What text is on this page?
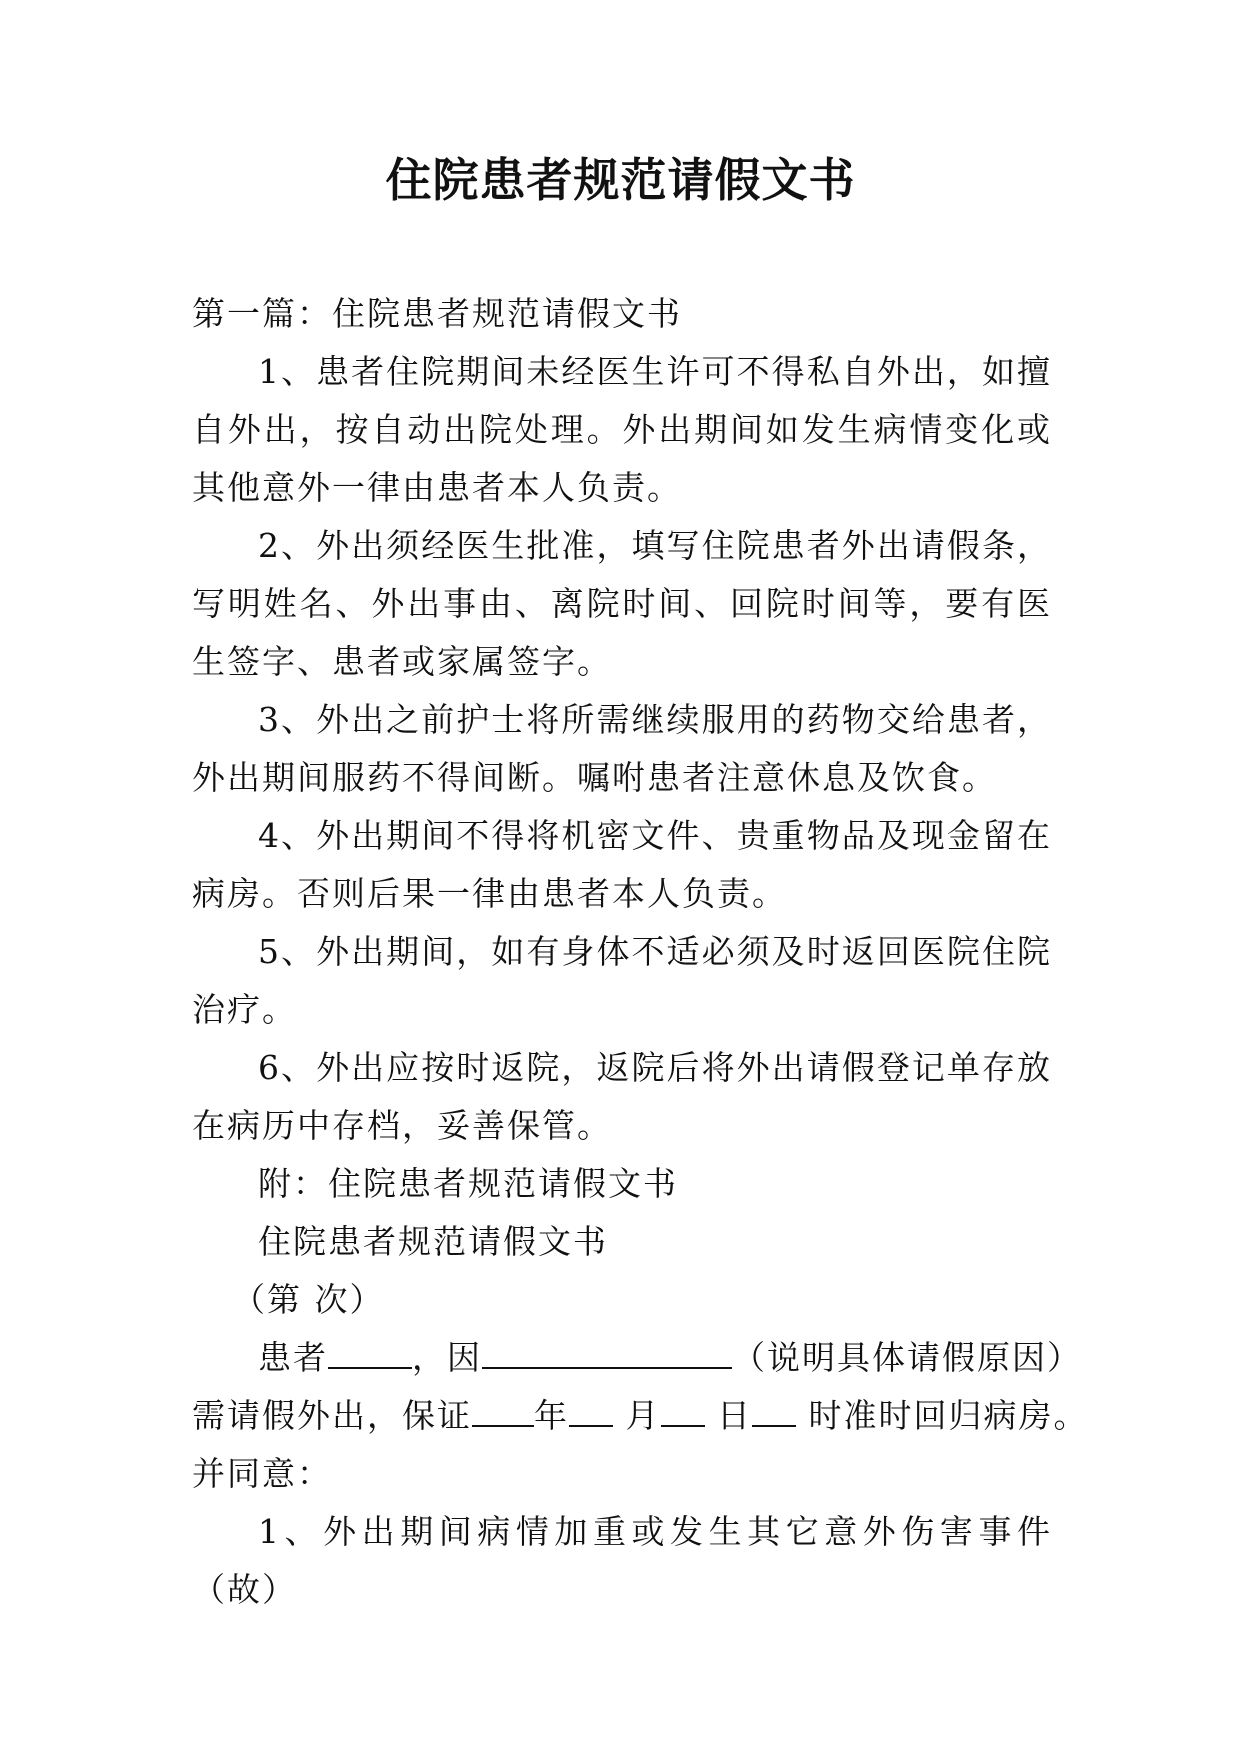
住院患者规范请假文书

第一篇：住院患者规范请假文书

1、患者住院期间未经医生许可不得私自外出，如擅自外出，按自动出院处理。外出期间如发生病情变化或其他意外一律由患者本人负责。

2、外出须经医生批准，填写住院患者外出请假条，写明姓名、外出事由、离院时间、回院时间等，要有医生签字、患者或家属签字。

3、外出之前护士将所需继续服用的药物交给患者，外出期间服药不得间断。嘱咐患者注意休息及饮食。

4、外出期间不得将机密文件、贵重物品及现金留在病房。否则后果一律由患者本人负责。

5、外出期间，如有身体不适必须及时返回医院住院治疗。

6、外出应按时返院，返院后将外出请假登记单存放在病历中存档，妥善保管。

附：住院患者规范请假文书

住院患者规范请假文书

（第 次）

患者	，因	（说明具体请假原因）

需请假外出，保证 年 月 日 时准时回归病房。

并同意：

1、外出期间病情加重或发生其它意外伤害事件（故）
